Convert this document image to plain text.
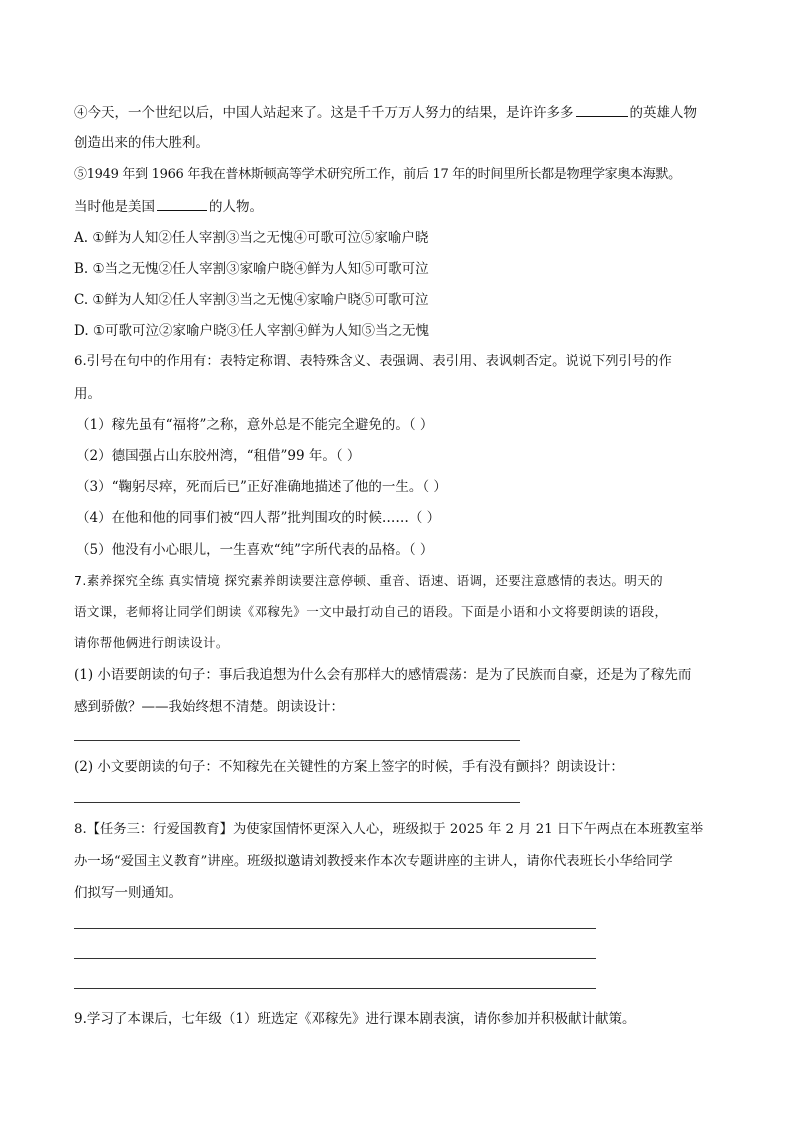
④今天，一个世纪以后，中国人站起来了。这是千千万万人努力的结果，是许许多多	的英雄人物
创造出来的伟大胜利。
⑤1949 年到 1966 年我在普林斯顿高等学术研究所工作，前后 17 年的时间里所长都是物理学家奥本海默。
当时他是美国	的人物。
A. ①鲜为人知②任人宰割③当之无愧④可歌可泣⑤家喻户晓
B. ①当之无愧②任人宰割③家喻户晓④鲜为人知⑤可歌可泣
C. ①鲜为人知②任人宰割③当之无愧④家喻户晓⑤可歌可泣
D. ①可歌可泣②家喻户晓③任人宰割④鲜为人知⑤当之无愧
6.引号在句中的作用有：表特定称谓、表特殊含义、表强调、表引用、表讽刺否定。说说下列引号的作
用。
（1）稼先虽有“福将”之称，意外总是不能完全避免的。（ ）
（2）德国强占山东胶州湾，“租借”99 年。（ ）
（3）“鞠躬尽瘁，死而后已”正好准确地描述了他的一生。（ ）
（4）在他和他的同事们被“四人帮”批判围攻的时候……（ ）
（5）他没有小心眼儿，一生喜欢“纯”字所代表的品格。（ ）
7.素养探究全练 真实情境 探究素养朗读要注意停顿、重音、语速、语调，还要注意感情的表达。明天的
语文课，老师将让同学们朗读《邓稼先》一文中最打动自己的语段。下面是小语和小文将要朗读的语段，
请你帮他俩进行朗读设计。
(1) 小语要朗读的句子：事后我追想为什么会有那样大的感情震荡：是为了民族而自豪，还是为了稼先而
感到骄傲？——我始终想不清楚。朗读设计：
(2) 小文要朗读的句子：不知稼先在关键性的方案上签字的时候，手有没有颤抖？朗读设计：
8.【任务三：行爱国教育】为使家国情怀更深入人心，班级拟于 2025 年 2 月 21 日下午两点在本班教室举
办一场“爱国主义教育”讲座。班级拟邀请刘教授来作本次专题讲座的主讲人，请你代表班长小华给同学
们拟写一则通知。
9.学习了本课后，七年级（1）班选定《邓稼先》进行课本剧表演，请你参加并积极献计献策。
